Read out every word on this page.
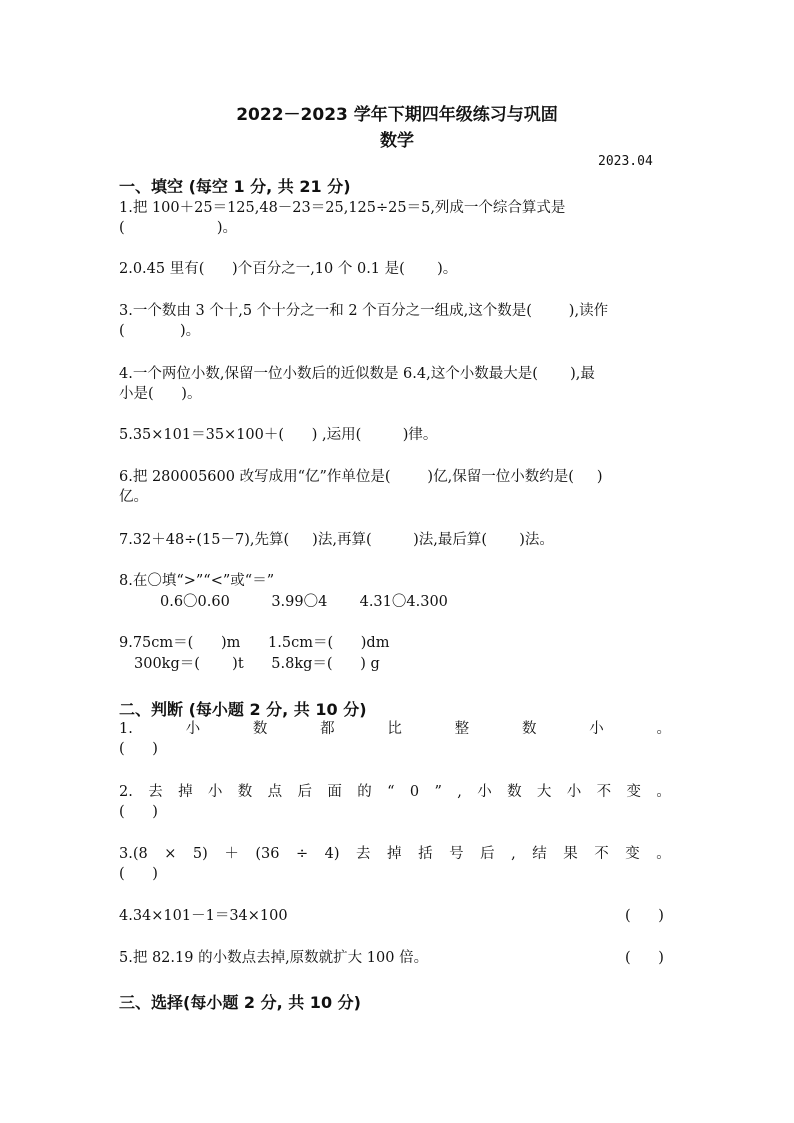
2022－2023 学年下期四年级练习与巩固
数学
2023.04
一、填空 (每空 1 分, 共 21 分)
1.把 100＋25＝125,48－23＝25,125÷25＝5,列成一个综合算式是
(                    )。
2.0.45 里有(      )个百分之一,10 个 0.1 是(       )。
3.一个数由 3 个十,5 个十分之一和 2 个百分之一组成,这个数是(        ),读作
(            )。
4.一个两位小数,保留一位小数后的近似数是 6.4,这个小数最大是(       ),最
小是(      )。
5.35×101＝35×100＋(      ) ,运用(         )律。
6.把 280005600 改写成用“亿”作单位是(        )亿,保留一位小数约是(     )
亿。
7.32＋48÷(15－7),先算(     )法,再算(         )法,最后算(       )法。
8.在〇填“>”“<”或“＝”
0.6〇0.60         3.99〇4       4.31〇4.300
9.75cm＝(      )m      1.5cm＝(      )dm
300kg＝(       )t      5.8kg＝(      ) g
二、判断 (每小题 2 分, 共 10 分)
1.	小	数	都	比	整	数	小	。
(      )
2. 去 掉 小 数 点 后 面 的 “ 0 ” , 小 数 大 小 不 变 。
(      )
3.(8 × 5) ＋ (36 ÷ 4) 去 掉 括 号 后 , 结 果 不 变 。
(      )
4.34×101－1＝34×100	(      )
5.把 82.19 的小数点去掉,原数就扩大 100 倍。	(      )
三、选择(每小题 2 分, 共 10 分)
